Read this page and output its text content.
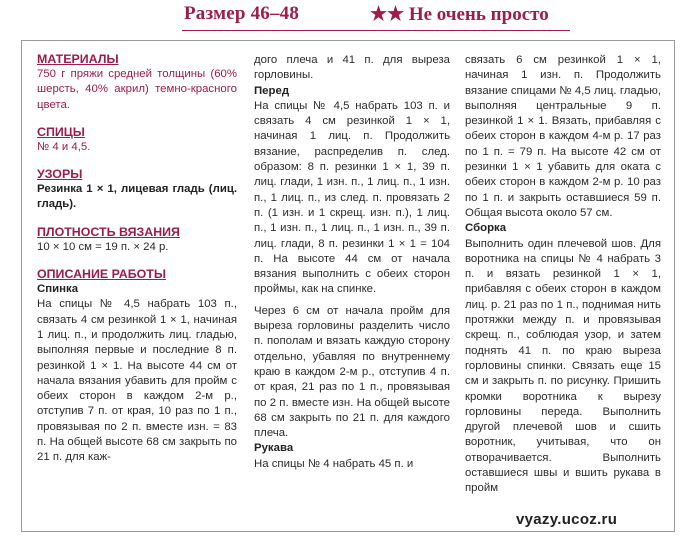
Размер 46–48	★★ Не очень просто

МАТЕРИАЛЫ

750 г пряжи средней толщины (60% шерсть, 40% акрил) темно-красного цвета.

СПИЦЫ

№ 4 и 4,5.

УЗОРЫ

Резинка 1 × 1, лицевая гладь (лиц. гладь).

ПЛОТНОСТЬ ВЯЗАНИЯ

10 × 10 см = 19 п. × 24 р.

ОПИСАНИЕ РАБОТЫ

Спинка

На спицы № 4,5 набрать 103 п., связать 4 см резинкой 1 × 1, начиная 1 лиц. п., и продолжить лиц. гладью, выполняя первые и последние 8 п. резинкой 1 × 1. На высоте 44 см от начала вязания убавить для пройм с обеих сторон в каждом 2-м р., отступив 7 п. от края, 10 раз по 1 п., провязывая по 2 п. вместе изн. = 83 п. На общей высоте 68 см закрыть по 21 п. для каж-

дого плеча и 41 п. для выреза горловины.

Перед

На спицы № 4,5 набрать 103 п. и связать 4 см резинкой 1 × 1, начиная 1 лиц. п. Продолжить вязание, распределив п. след. образом: 8 п. резинки 1 × 1, 39 п. лиц. глади, 1 изн. п., 1 лиц. п., 1 изн. п., 1 лиц. п., из след. п. провязать 2 п. (1 изн. и 1 скрещ. изн. п.), 1 лиц. п., 1 изн. п., 1 лиц. п., 1 изн. п., 39 п. лиц. глади, 8 п. резинки 1 × 1 = 104 п. На высоте 44 см от начала вязания выполнить с обеих сторон проймы, как на спинке.

Через 6 см от начала пройм для выреза горловины разделить число п. пополам и вязать каждую сторону отдельно, убавляя по внутреннему краю в каждом 2-м р., отступив 4 п. от края, 21 раз по 1 п., провязывая по 2 п. вместе изн. На общей высоте 68 см закрыть по 21 п. для каждого плеча.

Рукава

На спицы № 4 набрать 45 п. и

связать 6 см резинкой 1 × 1, начиная 1 изн. п. Продолжить вязание спицами № 4,5 лиц. гладью, выполняя центральные 9 п. резинкой 1 × 1. Вязать, прибавляя с обеих сторон в каждом 4-м р. 17 раз по 1 п. = 79 п. На высоте 42 см от резинки 1 × 1 убавить для оката с обеих сторон в каждом 2-м р. 10 раз по 1 п. и закрыть оставшиеся 59 п. Общая высота около 57 см.

Сборка

Выполнить один плечевой шов. Для воротника на спицы № 4 набрать 3 п. и вязать резинкой 1 × 1, прибавляя с обеих сторон в каждом лиц. р. 21 раз по 1 п., поднимая нить протяжки между п. и провязывая скрещ. п., соблюдая узор, и затем поднять 41 п. по краю выреза горловины спинки. Связать еще 15 см и закрыть п. по рисунку. Пришить кромки воротника к вырезу горловины переда. Выполнить другой плечевой шов и сшить воротник, учитывая, что он отворачивается. Выполнить оставшиеся швы и вшить рукава в пройм

vyazy.ucoz.ru
